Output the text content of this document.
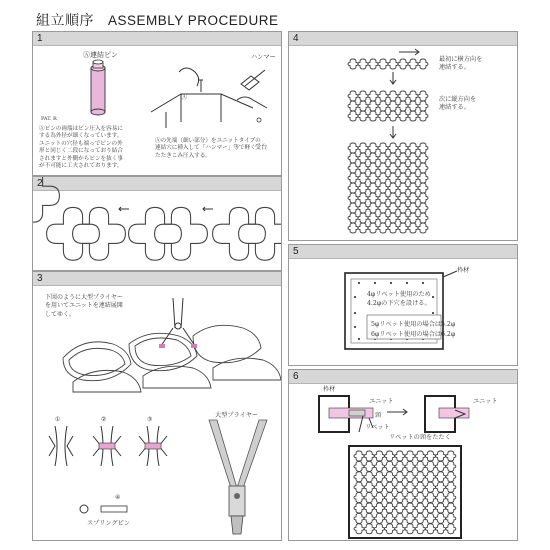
組立順序 ASSEMBLY PROCEDURE
1
Ⓐ連結ピン
PAT. R
Ⓐ
ハンマー
受台
Ⓐピンの両端はピン圧入を容易に
する為外径が細くなっています。
ユニットの穴径も端っでピンの外
形と同じく二段になっており結合
されますと外側からピンを抜く事
が不可能に工夫されております。
Ⓐの先端（細い部分）をユニットタイプの
連結穴に挿入して「ハンマー」等で軽く
たたきこみ圧入する。
2
3
下図のように大型プライヤー
を用いてユニットを連結展開
してゆく。
①	②	③
④
スプリングピン
大型プライヤー
4
最初に横方向を
連結する。
次に縦方向を
連結する。
5
枠材
4φリベット使用のため
4.2φの下穴を設ける。
5φリベット使用の場合は5.2φ
6φリベット使用の場合は6.2φ
6
枠材
ユニット	ユニット
頸
リベット
リベットの頸をたたく
